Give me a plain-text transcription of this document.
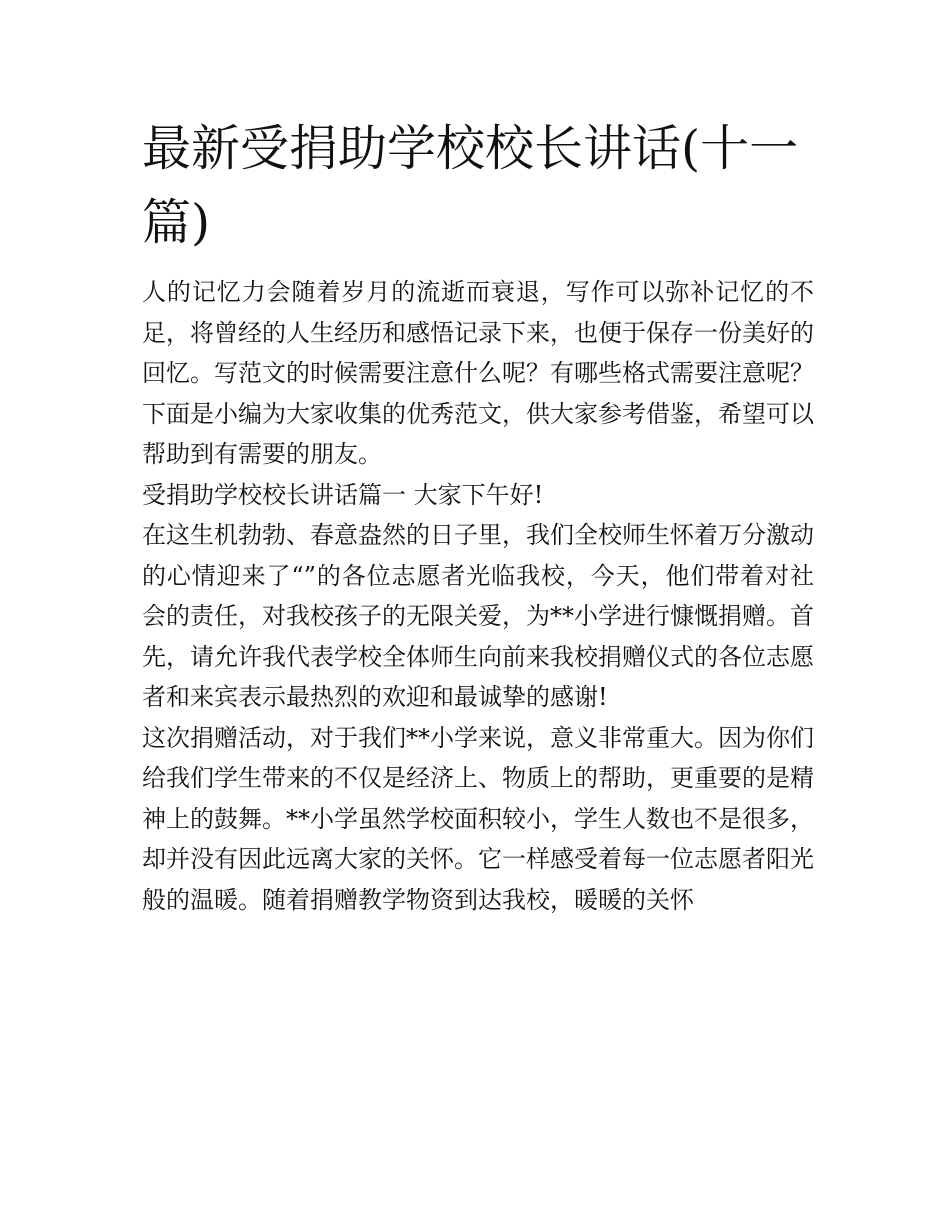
最新受捐助学校校长讲话(十一篇)

人的记忆力会随着岁月的流逝而衰退，写作可以弥补记忆的不足，将曾经的人生经历和感悟记录下来，也便于保存一份美好的回忆。写范文的时候需要注意什么呢？有哪些格式需要注意呢？下面是小编为大家收集的优秀范文，供大家参考借鉴，希望可以帮助到有需要的朋友。

受捐助学校校长讲话篇一 大家下午好!

在这生机勃勃、春意盎然的日子里，我们全校师生怀着万分激动的心情迎来了“”的各位志愿者光临我校，今天，他们带着对社会的责任，对我校孩子的无限关爱，为**小学进行慷慨捐赠。首先，请允许我代表学校全体师生向前来我校捐赠仪式的各位志愿者和来宾表示最热烈的欢迎和最诚挚的感谢!

这次捐赠活动，对于我们**小学来说，意义非常重大。因为你们给我们学生带来的不仅是经济上、物质上的帮助，更重要的是精神上的鼓舞。**小学虽然学校面积较小，学生人数也不是很多，却并没有因此远离大家的关怀。它一样感受着每一位志愿者阳光般的温暖。随着捐赠教学物资到达我校，暖暖的关怀
